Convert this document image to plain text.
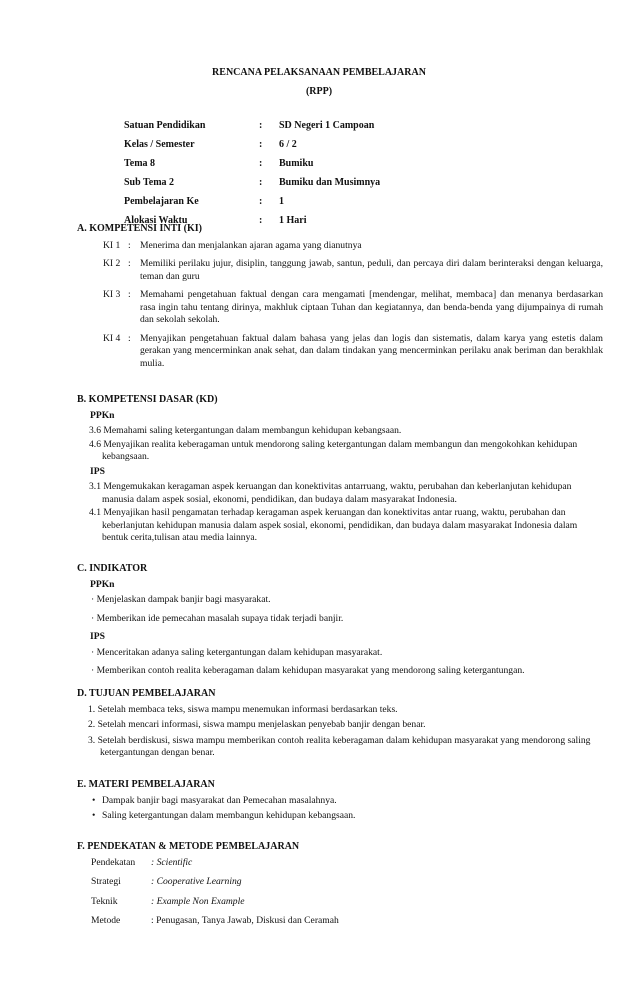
RENCANA PELAKSANAAN PEMBELAJARAN
(RPP)
Satuan Pendidikan	:	SD Negeri 1 Campoan
Kelas / Semester	:	6 / 2
Tema 8	:	Bumiku
Sub Tema 2	:	Bumiku dan Musimnya
Pembelajaran Ke	:	1
Alokasi Waktu	:	1 Hari
A. KOMPETENSI INTI (KI)
KI 1 : Menerima dan menjalankan ajaran agama yang dianutnya
KI 2 : Memiliki perilaku jujur, disiplin, tanggung jawab, santun, peduli, dan percaya diri dalam berinteraksi dengan keluarga, teman dan guru
KI 3 : Memahami pengetahuan faktual dengan cara mengamati [mendengar, melihat, membaca] dan menanya berdasarkan rasa ingin tahu tentang dirinya, makhluk ciptaan Tuhan dan kegiatannya, dan benda-benda yang dijumpainya di rumah dan sekolah sekolah.
KI 4 : Menyajikan pengetahuan faktual dalam bahasa yang jelas dan logis dan sistematis, dalam karya yang estetis dalam gerakan yang mencerminkan anak sehat, dan dalam tindakan yang mencerminkan perilaku anak beriman dan berakhlak mulia.
B. KOMPETENSI DASAR (KD)
PPKn
3.6 Memahami saling ketergantungan dalam membangun kehidupan kebangsaan.
4.6 Menyajikan realita keberagaman untuk mendorong saling ketergantungan dalam membangun dan mengokohkan kehidupan kebangsaan.
IPS
3.1 Mengemukakan keragaman aspek keruangan dan konektivitas antarruang, waktu, perubahan dan keberlanjutan kehidupan manusia dalam aspek sosial, ekonomi, pendidikan, dan budaya dalam masyarakat Indonesia.
4.1 Menyajikan hasil pengamatan terhadap keragaman aspek keruangan dan konektivitas antar ruang, waktu, perubahan dan keberlanjutan kehidupan manusia dalam aspek sosial, ekonomi, pendidikan, dan budaya dalam masyarakat Indonesia dalam bentuk cerita,tulisan atau media lainnya.
C. INDIKATOR
PPKn
· Menjelaskan dampak banjir bagi masyarakat.
· Memberikan ide pemecahan masalah supaya tidak terjadi banjir.
IPS
· Menceritakan adanya saling ketergantungan dalam kehidupan masyarakat.
· Memberikan contoh realita keberagaman dalam kehidupan masyarakat yang mendorong saling ketergantungan.
D. TUJUAN PEMBELAJARAN
1. Setelah membaca teks, siswa mampu menemukan informasi berdasarkan teks.
2. Setelah mencari informasi, siswa mampu menjelaskan penyebab banjir dengan benar.
3. Setelah berdiskusi, siswa mampu memberikan contoh realita keberagaman dalam kehidupan masyarakat yang mendorong saling ketergantungan dengan benar.
E. MATERI PEMBELAJARAN
• Dampak banjir bagi masyarakat dan Pemecahan masalahnya.
• Saling ketergantungan dalam membangun kehidupan kebangsaan.
F. PENDEKATAN & METODE PEMBELAJARAN
Pendekatan	: Scientific
Strategi	: Cooperative Learning
Teknik	: Example Non Example
Metode	: Penugasan, Tanya Jawab, Diskusi dan Ceramah
